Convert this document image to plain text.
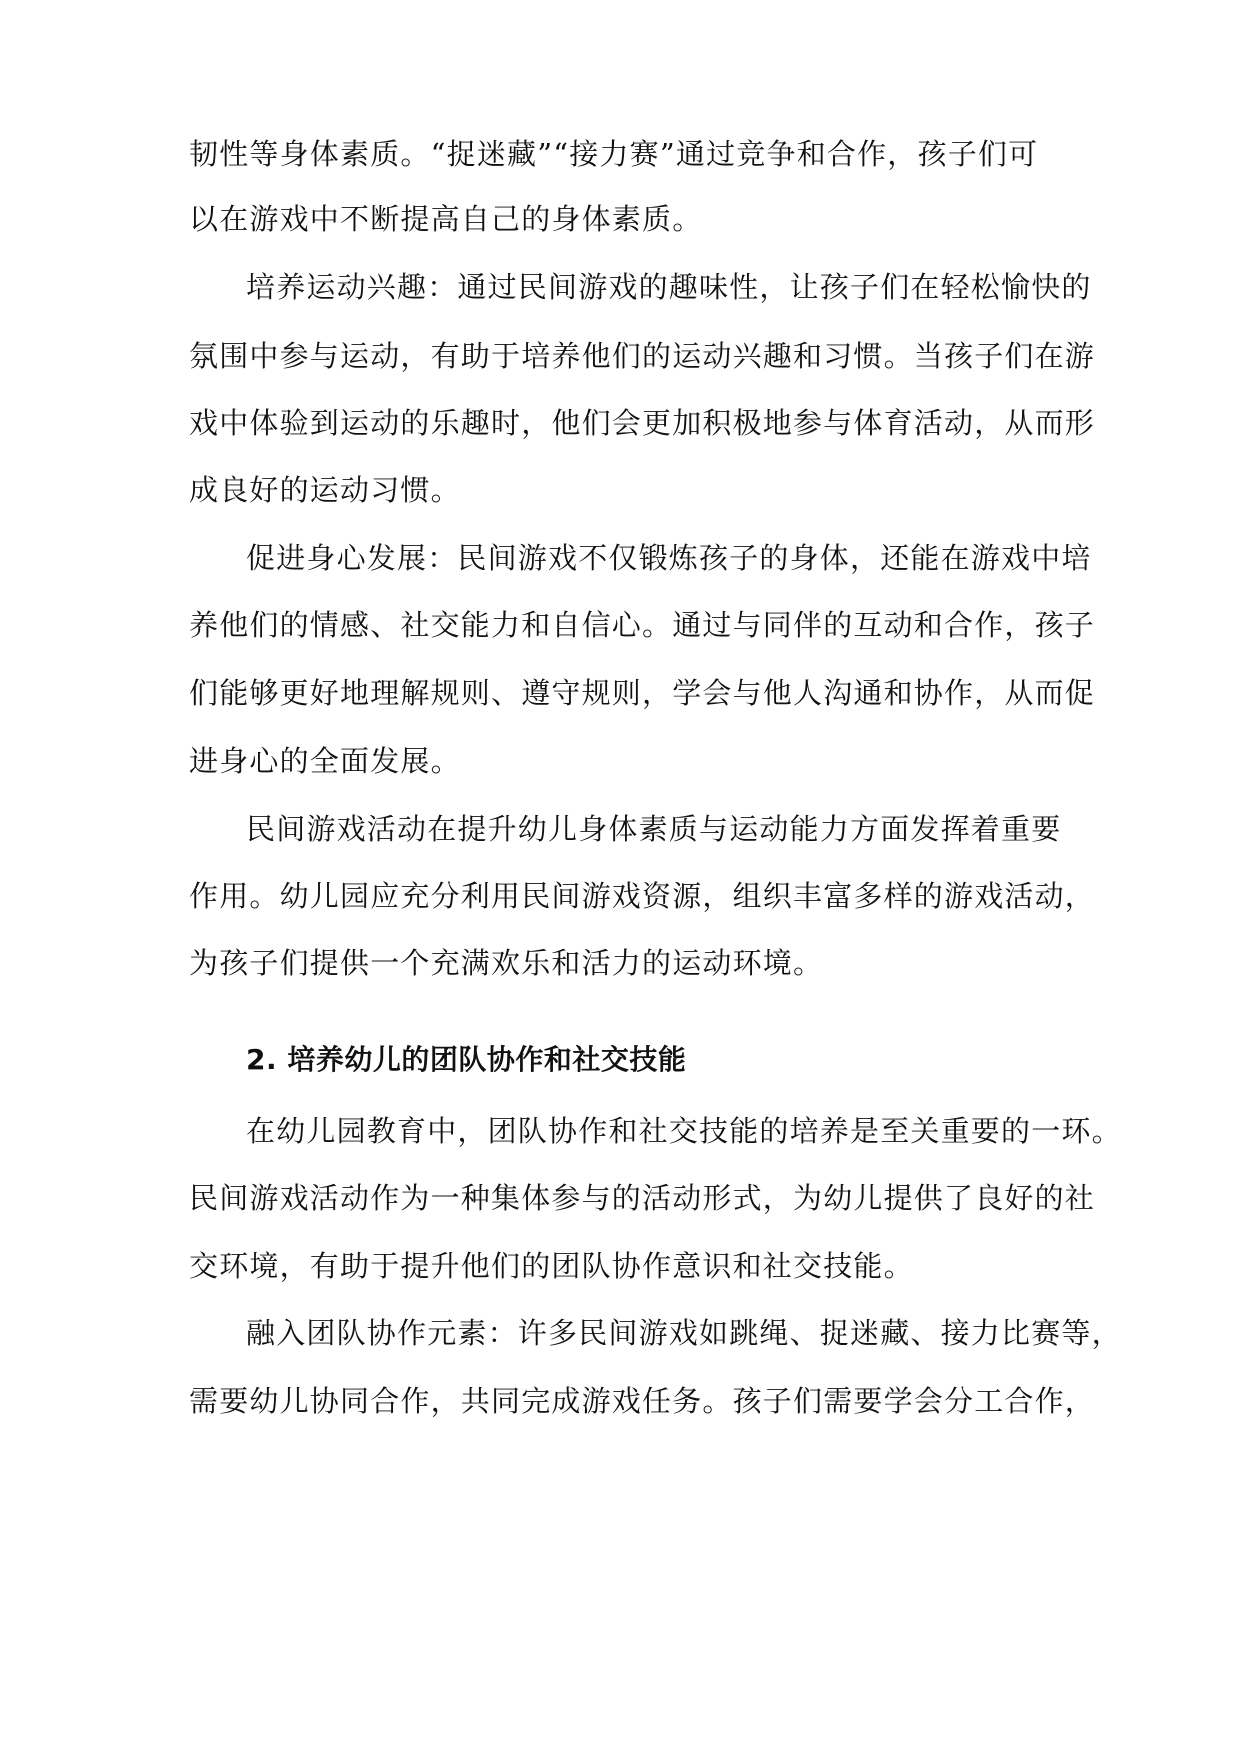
韧性等身体素质。“捉迷藏”“接力赛”通过竞争和合作，孩子们可
以在游戏中不断提高自己的身体素质。
培养运动兴趣：通过民间游戏的趣味性，让孩子们在轻松愉快的
氛围中参与运动，有助于培养他们的运动兴趣和习惯。当孩子们在游
戏中体验到运动的乐趣时，他们会更加积极地参与体育活动，从而形
成良好的运动习惯。
促进身心发展：民间游戏不仅锻炼孩子的身体，还能在游戏中培
养他们的情感、社交能力和自信心。通过与同伴的互动和合作，孩子
们能够更好地理解规则、遵守规则，学会与他人沟通和协作，从而促
进身心的全面发展。
民间游戏活动在提升幼儿身体素质与运动能力方面发挥着重要
作用。幼儿园应充分利用民间游戏资源，组织丰富多样的游戏活动，
为孩子们提供一个充满欢乐和活力的运动环境。
2. 培养幼儿的团队协作和社交技能
在幼儿园教育中，团队协作和社交技能的培养是至关重要的一环。
民间游戏活动作为一种集体参与的活动形式，为幼儿提供了良好的社
交环境，有助于提升他们的团队协作意识和社交技能。
融入团队协作元素：许多民间游戏如跳绳、捉迷藏、接力比赛等，
需要幼儿协同合作，共同完成游戏任务。孩子们需要学会分工合作，
